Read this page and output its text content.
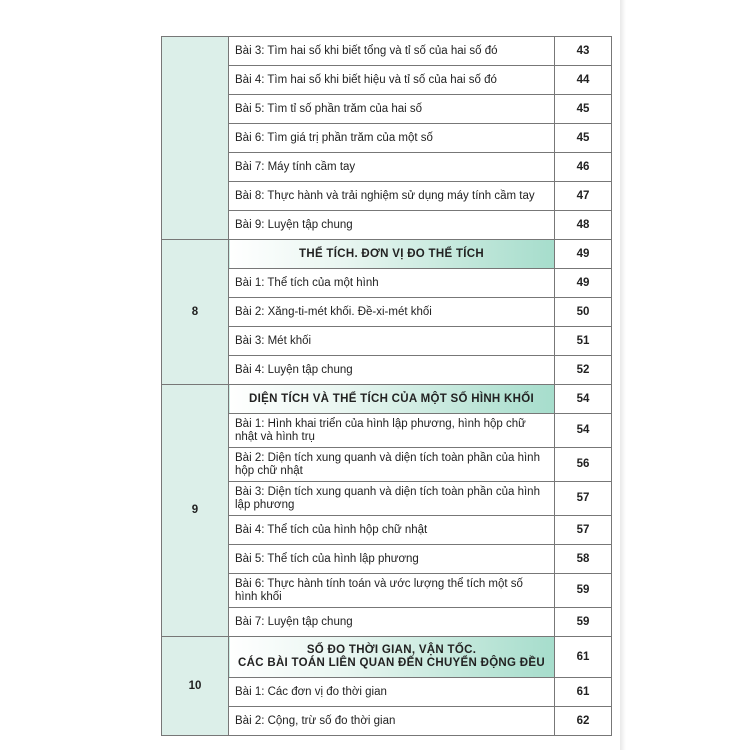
	Bài 3: Tìm hai số khi biết tổng và tỉ số của hai số đó	43
	Bài 4: Tìm hai số khi biết hiệu và tỉ số của hai số đó	44
	Bài 5: Tìm tỉ số phần trăm của hai số	45
	Bài 6: Tìm giá trị phần trăm của một số	45
	Bài 7: Máy tính cầm tay	46
	Bài 8: Thực hành và trải nghiệm sử dụng máy tính cầm tay	47
	Bài 9: Luyện tập chung	48
8	THỂ TÍCH. ĐƠN VỊ ĐO THỂ TÍCH	49
	Bài 1: Thể tích của một hình	49
	Bài 2: Xăng-ti-mét khối. Đề-xi-mét khối	50
	Bài 3: Mét khối	51
	Bài 4: Luyện tập chung	52
9	DIỆN TÍCH VÀ THỂ TÍCH CỦA MỘT SỐ HÌNH KHỐI	54
	Bài 1: Hình khai triển của hình lập phương, hình hộp chữ nhật và hình trụ	54
	Bài 2: Diện tích xung quanh và diện tích toàn phần của hình hộp chữ nhật	56
	Bài 3: Diện tích xung quanh và diện tích toàn phần của hình lập phương	57
	Bài 4: Thể tích của hình hộp chữ nhật	57
	Bài 5: Thể tích của hình lập phương	58
	Bài 6: Thực hành tính toán và ước lượng thể tích một số hình khối	59
	Bài 7: Luyện tập chung	59
10	SỐ ĐO THỜI GIAN, VẬN TỐC.
CÁC BÀI TOÁN LIÊN QUAN ĐẾN CHUYỂN ĐỘNG ĐỀU	61
	Bài 1: Các đơn vị đo thời gian	61
	Bài 2: Cộng, trừ số đo thời gian	62
